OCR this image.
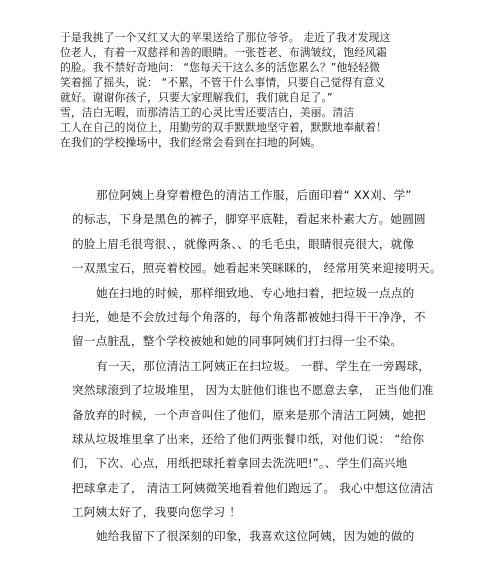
于是我挑了一个又红又大的苹果送给了那位爷爷。 走近了我才发现这
位老人，有着一双慈祥和善的眼睛。一张苍老、布满皱纹，饱经风霜
的脸。我不禁好奇地问： “您每天干这么多的活您累么？”他轻轻微
笑着摇了摇头，说： “不累，不管干什么事情，只要自己觉得有意义
就好。谢谢你孩子，只要大家理解我们，我们就自足了。”
雪，洁白无暇，而那清洁工的心灵比雪还要洁白，美丽。清洁
工人在自己的岗位上，用勤劳的双手默默地坚守着，默默地奉献着！
在我们的学校操场中，我们经常会看到在扫地的阿姨。
那位阿姨上身穿着橙色的清洁工作服，后面印着“ XX刈、学”
的标志，下身是黑色的裤子，脚穿平底鞋，看起来朴素大方。她圆圆
的脸上眉毛很弯很、，就像两条、、的毛毛虫，眼睛很亮很大，就像
一双黑宝石，照亮着校园。她看起来笑眯眯的， 经常用笑来迎接明天。
她在扫地的时候，那样细致地、专心地扫着，把垃圾一点点的
扫光，她是不会放过每个角落的，每个角落都被她扫得干干净净，不
留一点脏乱，整个学校被她和她的同事阿姨们打扫得一尘不染。
有一天，那位清洁工阿姨正在扫垃圾。 一群、学生在一旁踢球，
突然球滚到了垃圾堆里， 因为太脏他们谁也不愿意去拿， 正当他们准
备放弃的时候，一个声音叫住了他们，原来是那个清洁工阿姨，她把
球从垃圾堆里拿了出来，还给了他们两张餐巾纸，对他们说： “给你
们，下次、心点，用纸把球托着拿回去洗洗吧!”。、学生们高兴地
把球拿走了， 清洁工阿姨微笑地看着他们跑远了。 我心中想这位清洁
工阿姨太好了，我要向您学习 ！
她给我留下了很深刻的印象，我喜欢这位阿姨，因为她的做的
